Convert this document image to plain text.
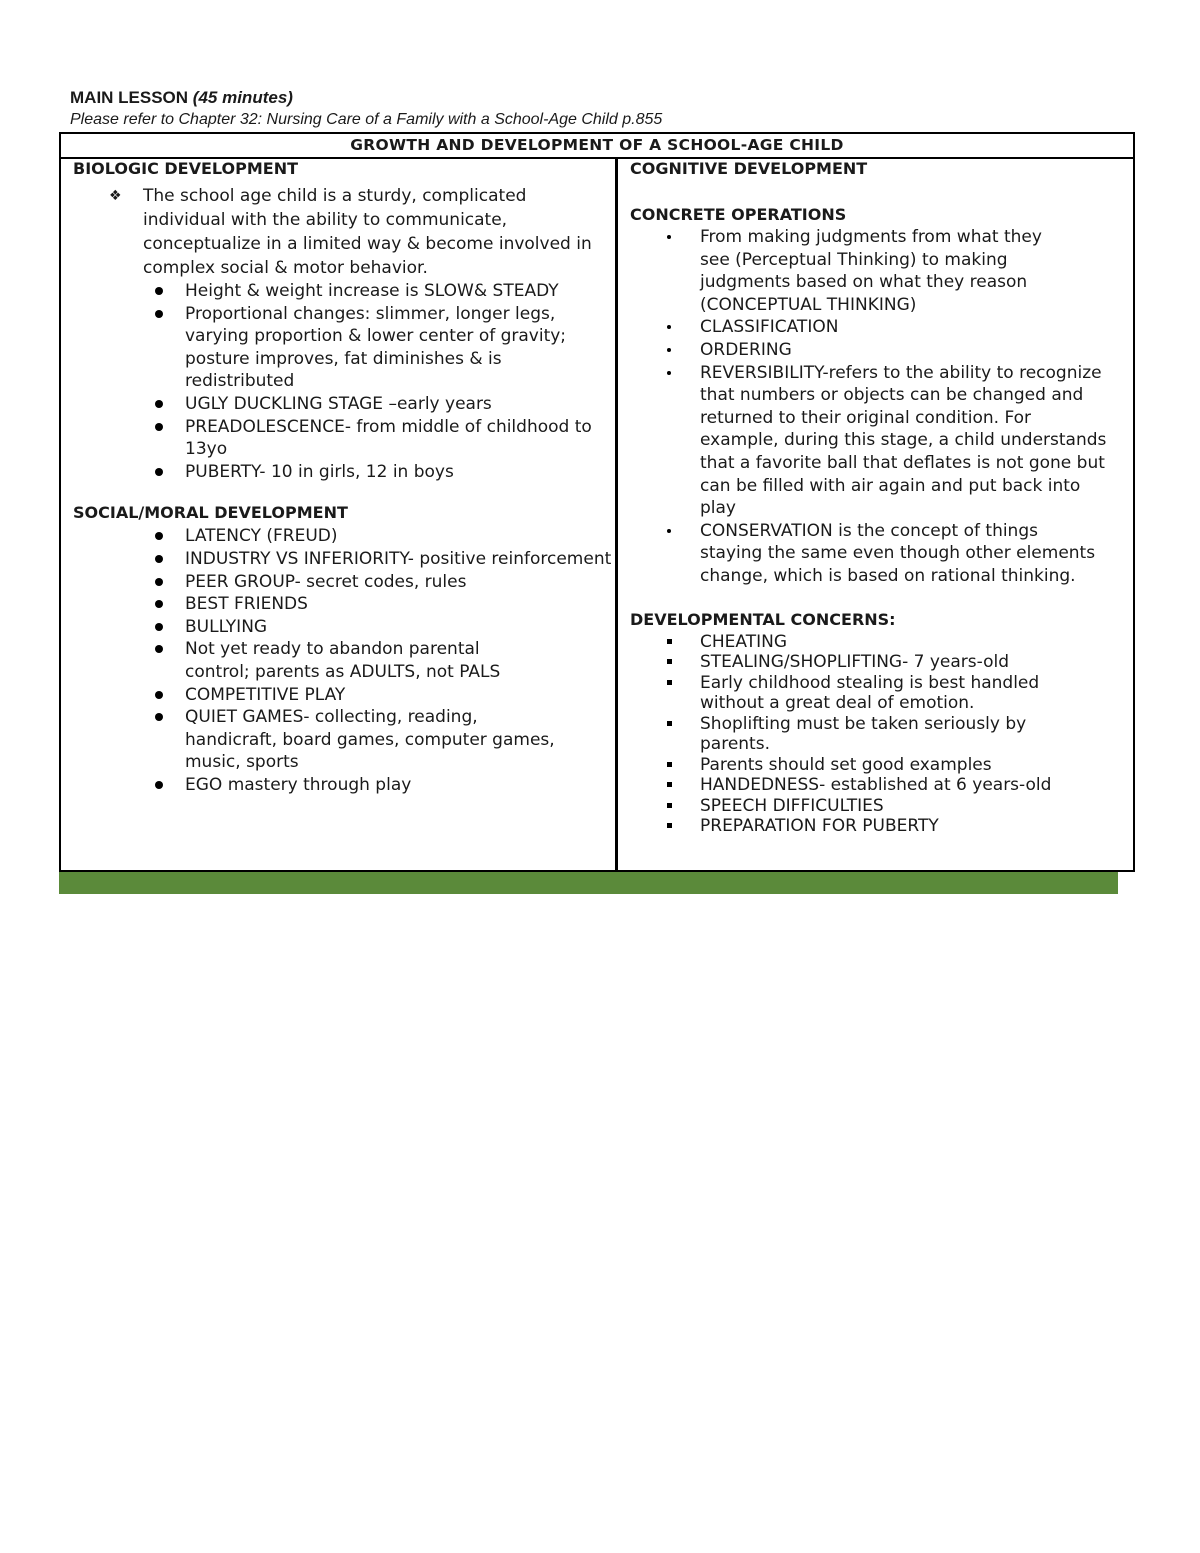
MAIN LESSON (45 minutes)
Please refer to Chapter 32: Nursing Care of a Family with a School-Age Child p.855
GROWTH AND DEVELOPMENT OF A SCHOOL-AGE CHILD
BIOLOGIC DEVELOPMENT
❖ The school age child is a sturdy, complicated individual with the ability to communicate, conceptualize in a limited way & become involved in complex social & motor behavior.
Height & weight increase is SLOW& STEADY
Proportional changes: slimmer, longer legs, varying proportion & lower center of gravity; posture improves, fat diminishes & is redistributed
UGLY DUCKLING STAGE –early years
PREADOLESCENCE- from middle of childhood to 13yo
PUBERTY- 10 in girls, 12 in boys
SOCIAL/MORAL DEVELOPMENT
LATENCY (FREUD)
INDUSTRY VS INFERIORITY- positive reinforcement
PEER GROUP- secret codes, rules
BEST FRIENDS
BULLYING
Not yet ready to abandon parental control; parents as ADULTS, not PALS
COMPETITIVE PLAY
QUIET GAMES- collecting, reading, handicraft, board games, computer games, music, sports
EGO mastery through play
COGNITIVE DEVELOPMENT
CONCRETE OPERATIONS
From making judgments from what they see (Perceptual Thinking) to making judgments based on what they reason (CONCEPTUAL THINKING)
CLASSIFICATION
ORDERING
REVERSIBILITY-refers to the ability to recognize that numbers or objects can be changed and returned to their original condition. For example, during this stage, a child understands that a favorite ball that deflates is not gone but can be filled with air again and put back into play
CONSERVATION is the concept of things staying the same even though other elements change, which is based on rational thinking.
DEVELOPMENTAL CONCERNS:
CHEATING
STEALING/SHOPLIFTING- 7 years-old
Early childhood stealing is best handled without a great deal of emotion.
Shoplifting must be taken seriously by parents.
Parents should set good examples
HANDEDNESS- established at 6 years-old
SPEECH DIFFICULTIES
PREPARATION FOR PUBERTY
